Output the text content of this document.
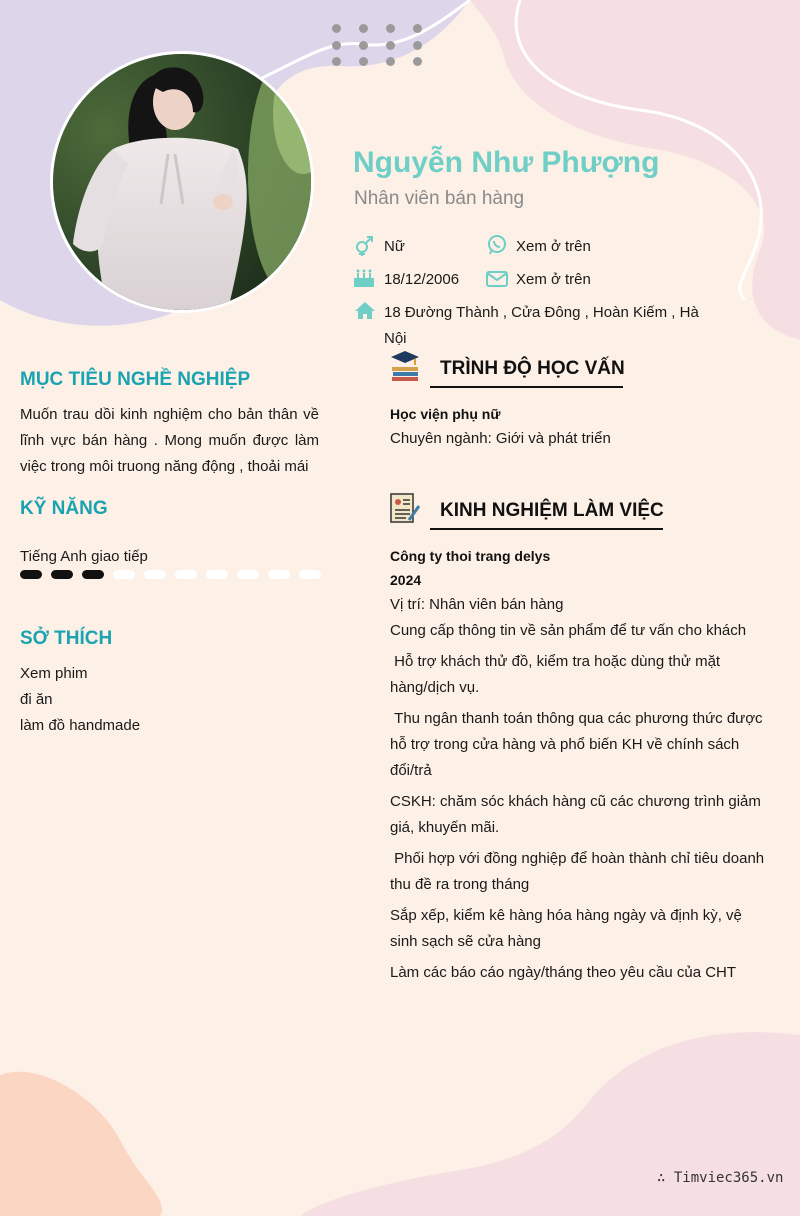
Nguyễn Như Phượng
Nhân viên bán hàng
Nữ	Xem ở trên
18/12/2006	Xem ở trên
18 Đường Thành , Cửa Đông , Hoàn Kiếm , Hà Nội
MỤC TIÊU NGHỀ NGHIỆP
Muốn trau dồi kinh nghiệm cho bản thân về lĩnh vực bán hàng . Mong muốn được làm việc trong môi truong năng động , thoải mái
KỸ NĂNG
Tiếng Anh giao tiếp
SỞ THÍCH
Xem phim
đi ăn
làm đồ handmade
TRÌNH ĐỘ HỌC VẤN
Học viện phụ nữ
Chuyên ngành: Giới và phát triển
KINH NGHIỆM LÀM VIỆC
Công ty thoi trang delys
2024
Vị trí: Nhân viên bán hàng
Cung cấp thông tin về sản phẩm để tư vấn cho khách
Hỗ trợ khách thử đồ, kiểm tra hoặc dùng thử mặt hàng/dịch vụ.
Thu ngân thanh toán thông qua các phương thức được hỗ trợ trong cửa hàng và phổ biến KH về chính sách đổi/trả
CSKH: chăm sóc khách hàng cũ các chương trình giảm giá, khuyến mãi.
Phối hợp với đồng nghiệp để hoàn thành chỉ tiêu doanh thu đề ra trong tháng
Sắp xếp, kiểm kê hàng hóa hàng ngày và định kỳ, vệ sinh sạch sẽ cửa hàng
Làm các báo cáo ngày/tháng theo yêu cầu của CHT
∴ Timviec365.vn
